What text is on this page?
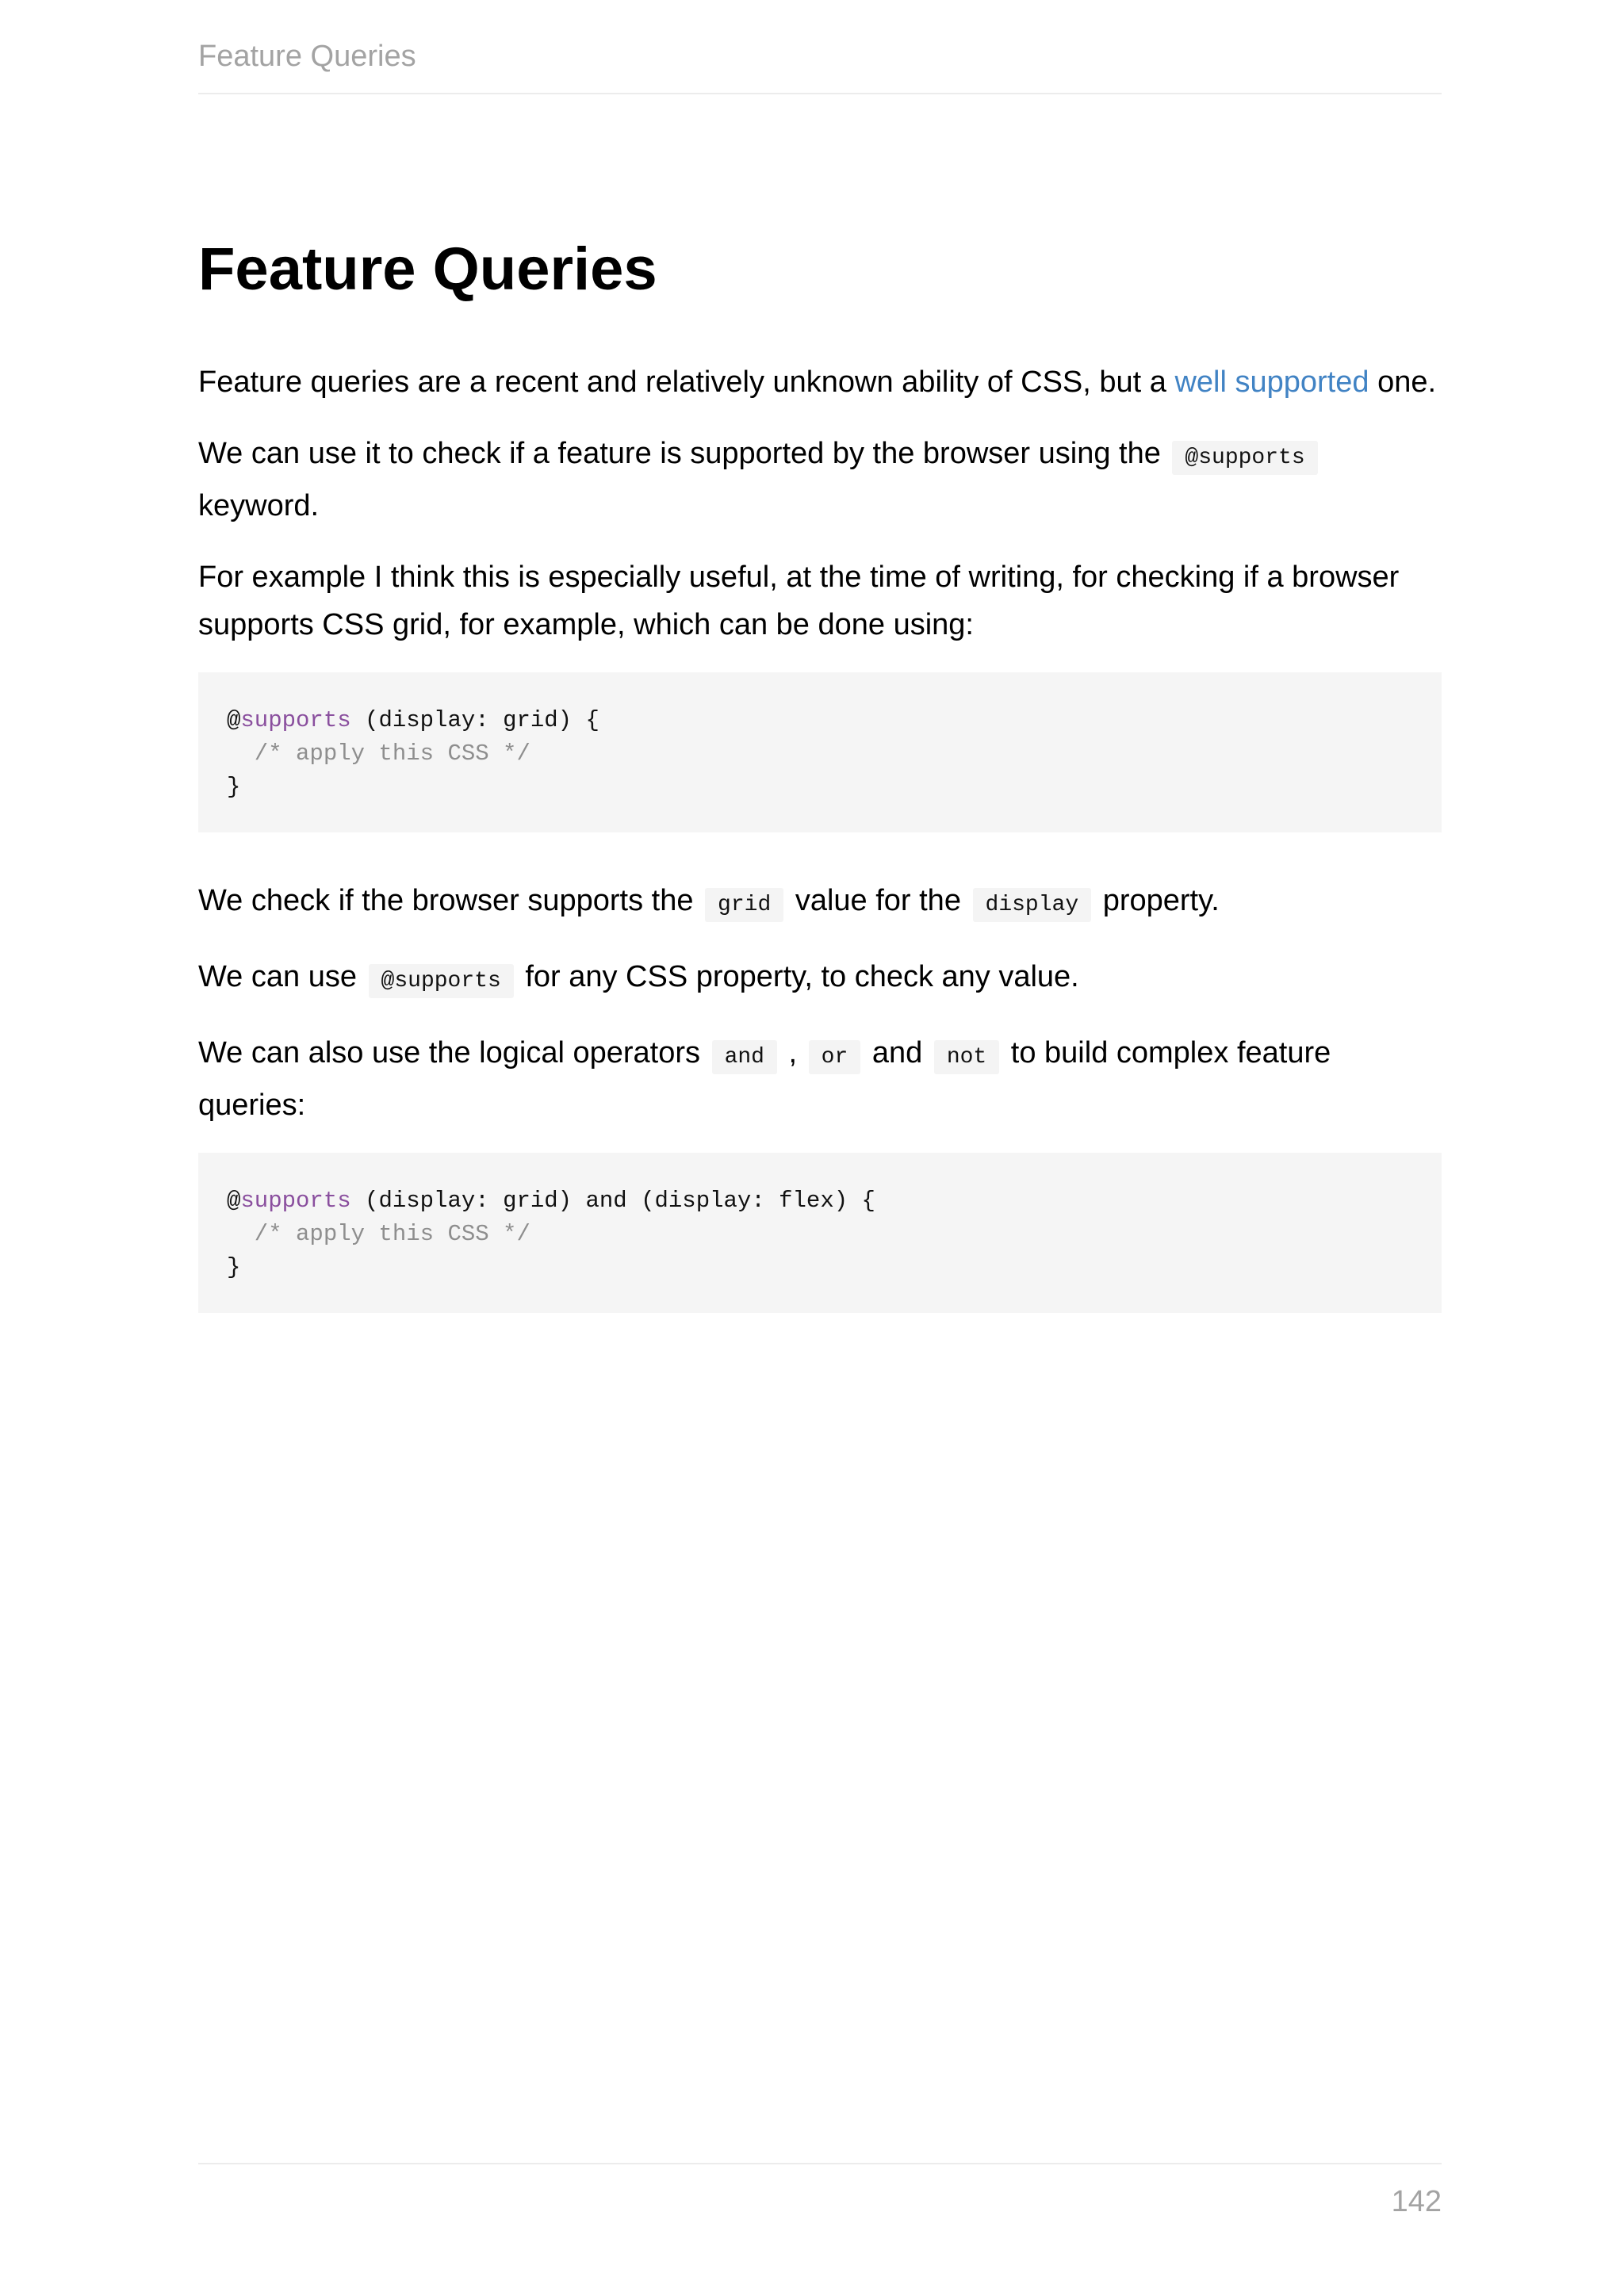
Feature Queries
Feature Queries

Feature queries are a recent and relatively unknown ability of CSS, but a well supported one.

We can use it to check if a feature is supported by the browser using the @supports keyword.

For example I think this is especially useful, at the time of writing, for checking if a browser supports CSS grid, for example, which can be done using:

@supports (display: grid) {
/* apply this CSS */
}

We check if the browser supports the grid value for the display property.

We can use @supports for any CSS property, to check any value.

We can also use the logical operators and , or and not to build complex feature queries:

@supports (display: grid) and (display: flex) {
/* apply this CSS */
}
142
